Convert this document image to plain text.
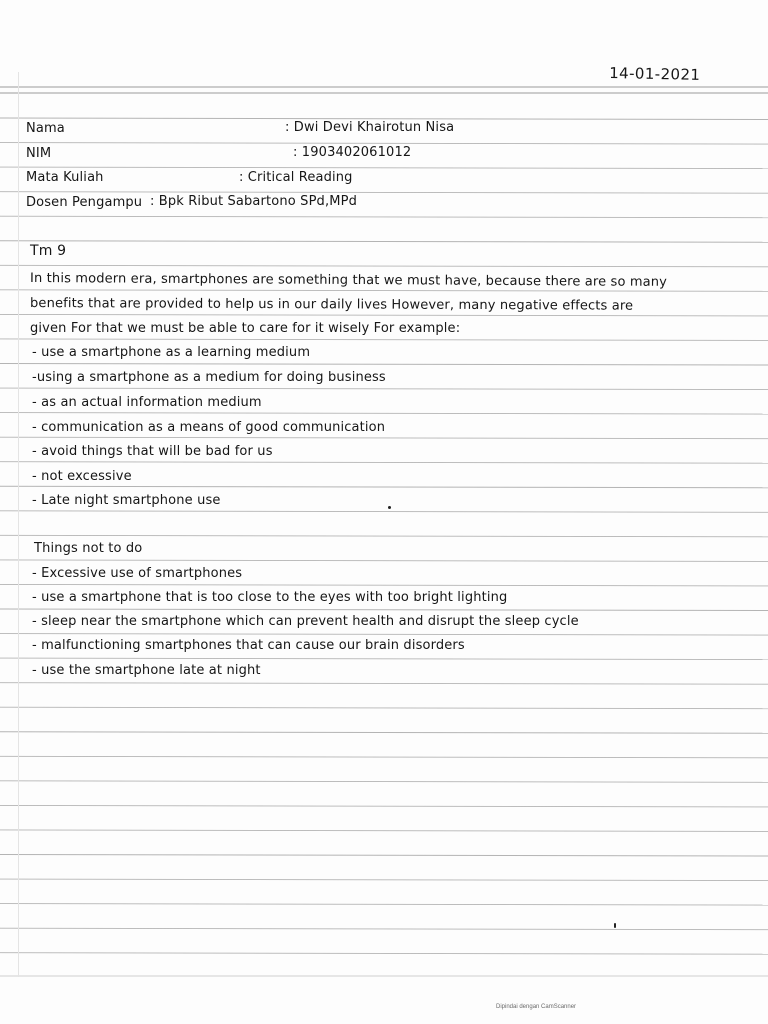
14-01-2021
Nama	: Dwi Devi Khairotun Nisa
NIM	: 1903402061012
Mata Kuliah	: Critical Reading
Dosen Pengampu : Bpk Ribut Sabartono SPd,MPd
Tm 9
In this modern era, smartphones are something that we must have, because there are so many
benefits that are provided to help us in our daily lives However, many negative effects are
given For that we must be able to care for it wisely For example:
- use a smartphone as a learning medium
-using a smartphone as a medium for doing business
- as an actual information medium
- communication as a means of good communication
- avoid things that will be bad for us
- not excessive
- Late night smartphone use
Things not to do
- Excessive use of smartphones
- use a smartphone that is too close to the eyes with too bright lighting
- sleep near the smartphone which can prevent health and disrupt the sleep cycle
- malfunctioning smartphones that can cause our brain disorders
- use the smartphone late at night
Dipindai dengan CamScanner
